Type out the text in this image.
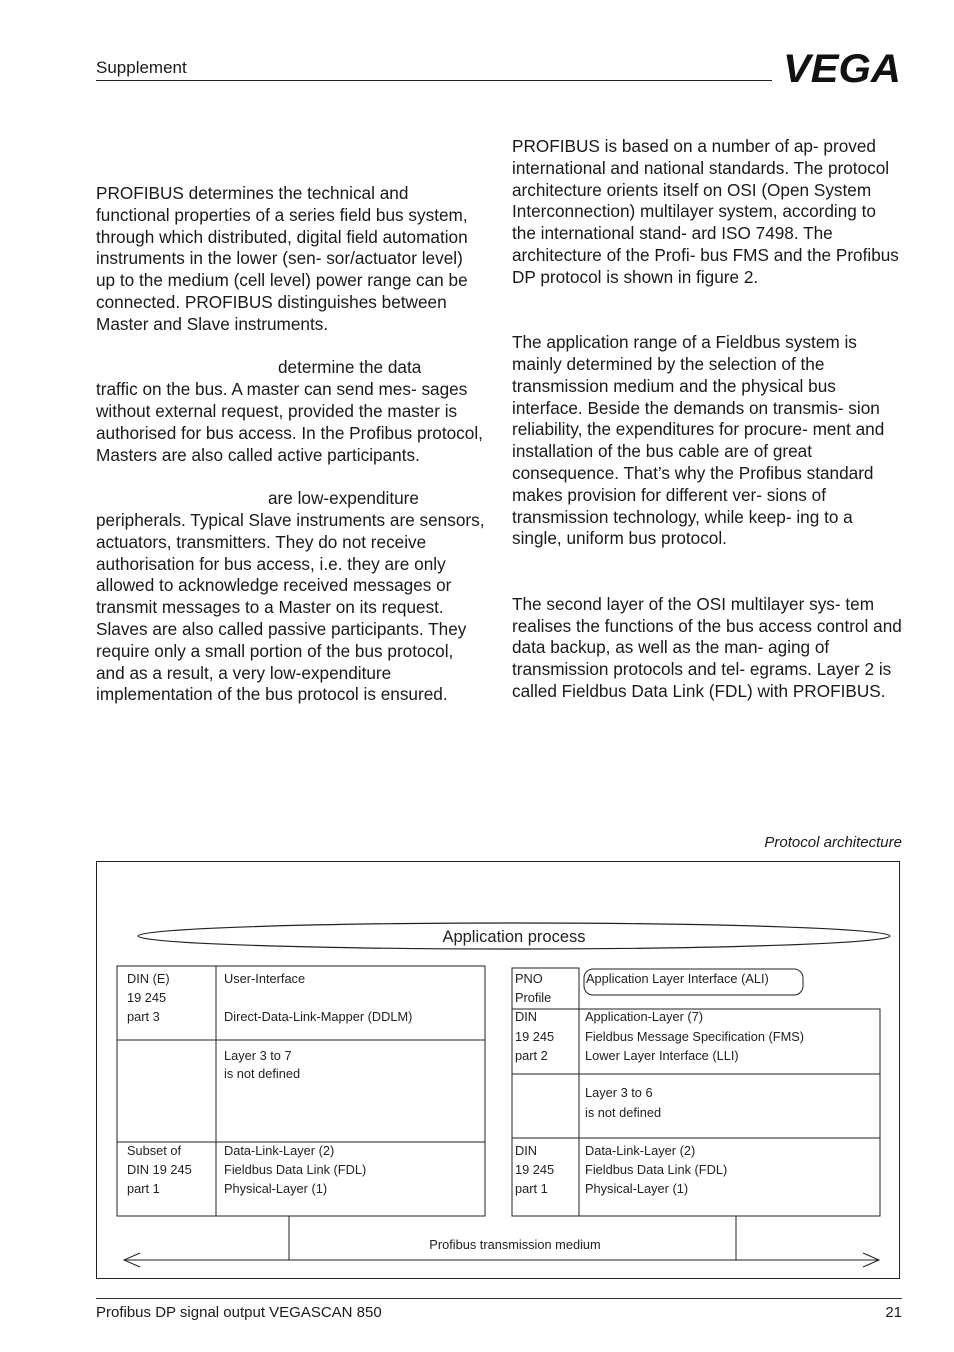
Supplement	VEGA

PROFIBUS determines the technical and functional properties of a series field bus system, through which distributed, digital field automation instruments in the lower (sen- sor/actuator level) up to the medium (cell level) power range can be connected. PROFIBUS distinguishes between Master and Slave instruments.

determine the data

traffic on the bus. A master can send mes- sages without external request, provided the master is authorised for bus access. In the Profibus protocol, Masters are also called active participants.

are low-expenditure

peripherals. Typical Slave instruments are sensors, actuators, transmitters. They do not receive authorisation for bus access, i.e. they are only allowed to acknowledge received messages or transmit messages to a Master on its request. Slaves are also called passive participants. They require only a small portion of the bus protocol, and as a result, a very low-expenditure implementation of the bus protocol is ensured.

PROFIBUS is based on a number of ap- proved international and national standards. The protocol architecture orients itself on OSI (Open System Interconnection) multilayer system, according to the international stand- ard ISO 7498. The architecture of the Profi- bus FMS and the Profibus DP protocol is shown in figure 2.

The application range of a Fieldbus system is mainly determined by the selection of the transmission medium and the physical bus interface. Beside the demands on transmis- sion reliability, the expenditures for procure- ment and installation of the bus cable are of great consequence. That’s why the Profibus standard makes provision for different ver- sions of transmission technology, while keep- ing to a single, uniform bus protocol.

The second layer of the OSI multilayer sys- tem realises the functions of the bus access control and data backup, as well as the man- aging of transmission protocols and tel- egrams. Layer 2 is called Fieldbus Data Link (FDL) with PROFIBUS.

Protocol architecture
Application process
DIN (E)
19 245
part 3
User-Interface
Direct-Data-Link-Mapper (DDLM)
Layer 3 to 7
is not defined
Subset of
DIN 19 245
part 1
Data-Link-Layer (2)
Fieldbus Data Link (FDL)
Physical-Layer (1)
PNO
Profile
Application Layer Interface (ALI)
DIN
19 245
part 2
Application-Layer (7)
Fieldbus Message Specification (FMS)
Lower Layer Interface (LLI)
Layer 3 to 6
is not defined
DIN
19 245
part 1
Data-Link-Layer (2)
Fieldbus Data Link (FDL)
Physical-Layer (1)
Profibus transmission medium
Profibus DP signal output VEGASCAN 850	21
